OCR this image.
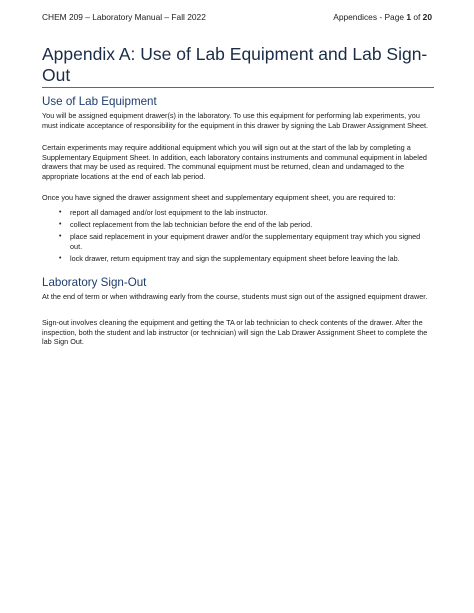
CHEM 209 – Laboratory Manual – Fall 2022	Appendices - Page 1 of 20
Appendix A: Use of Lab Equipment and Lab Sign-Out
Use of Lab Equipment

You will be assigned equipment drawer(s) in the laboratory. To use this equipment for performing lab experiments, you must indicate acceptance of responsibility for the equipment in this drawer by signing the Lab Drawer Assignment Sheet.

Certain experiments may require additional equipment which you will sign out at the start of the lab by completing a Supplementary Equipment Sheet. In addition, each laboratory contains instruments and communal equipment in labeled drawers that may be used as required. The communal equipment must be returned, clean and undamaged to the appropriate locations at the end of each lab period.

Once you have signed the drawer assignment sheet and supplementary equipment sheet, you are required to:

• report all damaged and/or lost equipment to the lab instructor.
• collect replacement from the lab technician before the end of the lab period.
• place said replacement in your equipment drawer and/or the supplementary equipment tray which you signed out.
• lock drawer, return equipment tray and sign the supplementary equipment sheet before leaving the lab.
Laboratory Sign-Out

At the end of term or when withdrawing early from the course, students must sign out of the assigned equipment drawer.

Sign-out involves cleaning the equipment and getting the TA or lab technician to check contents of the drawer. After the inspection, both the student and lab instructor (or technician) will sign the Lab Drawer Assignment Sheet to complete the lab Sign Out.
